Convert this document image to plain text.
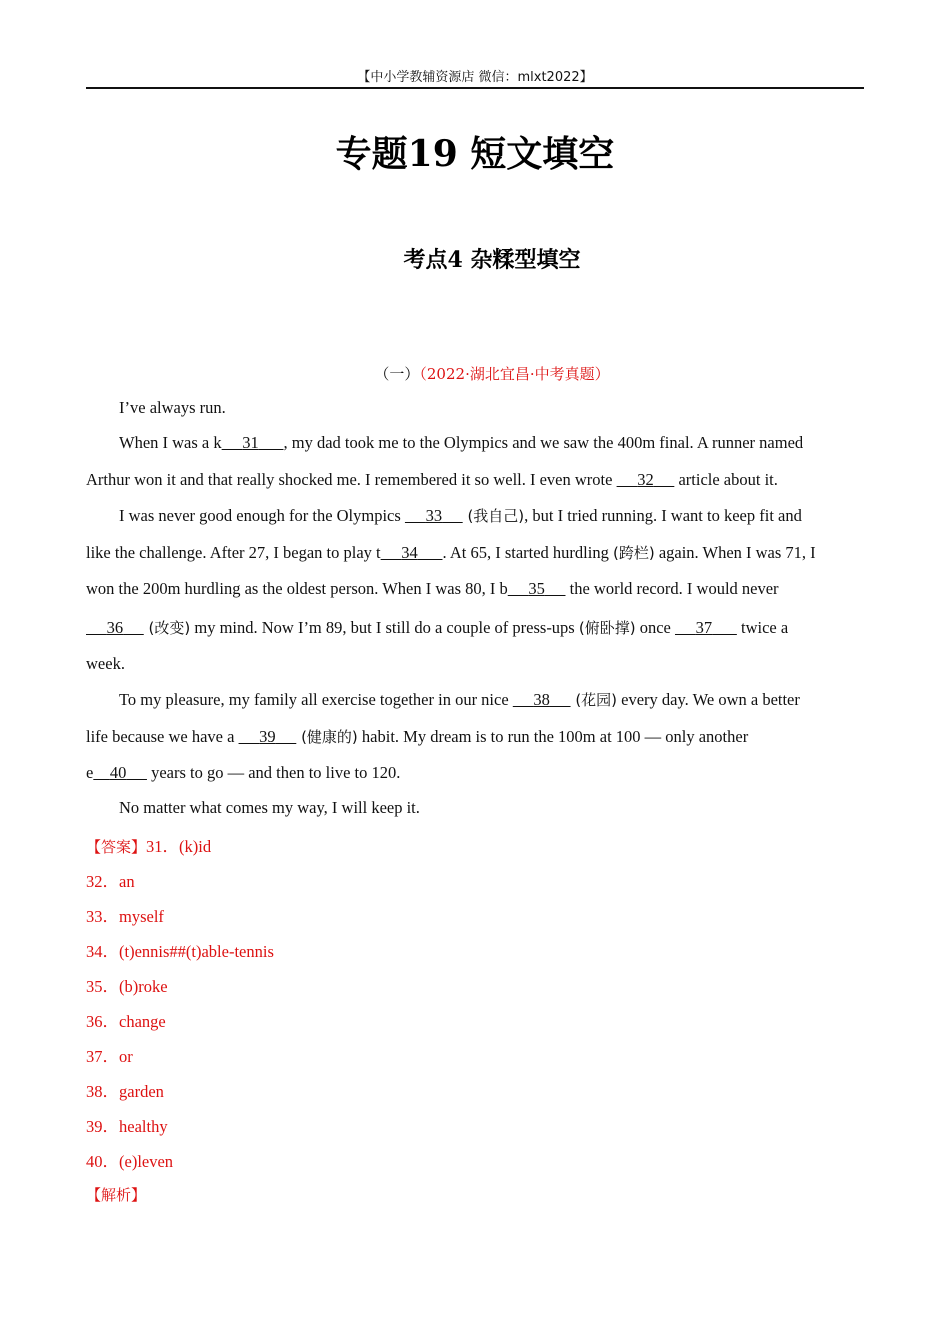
【中小学教辅资源店 微信：mlxt2022】
专题19 短文填空
考点4 杂糅型填空
（一）（2022·湖北宜昌·中考真题）
I’ve always run.
When I was a k 31 , my dad took me to the Olympics and we saw the 400m final. A runner named
Arthur won it and that really shocked me. I remembered it so well. I even wrote      32      article about it.
I was never good enough for the Olympics      33      (我自己), but I tried running. I want to keep fit and
like the challenge. After 27, I began to play t 34 . At 65, I started hurdling (跨栏) again. When I was 71, I
won the 200m hurdling as the oldest person. When I was 80, I b 35      the world record. I would never
36      (改变) my mind. Now I’m 89, but I still do a couple of press-ups (俯卧撑) once      37       twice a
week.
To my pleasure, my family all exercise together in our nice      38      (花园) every day. We own a better
life because we have a      39      (健康的) habit. My dream is to run the 100m at 100 — only another
e 40      years to go — and then to live to 120.
No matter what comes my way, I will keep it.
【答案】31．(k)id
32．an
33．myself
34．(t)ennis##(t)able-tennis
35．(b)roke
36．change
37．or
38．garden
39．healthy
40．(e)leven
【解析】
